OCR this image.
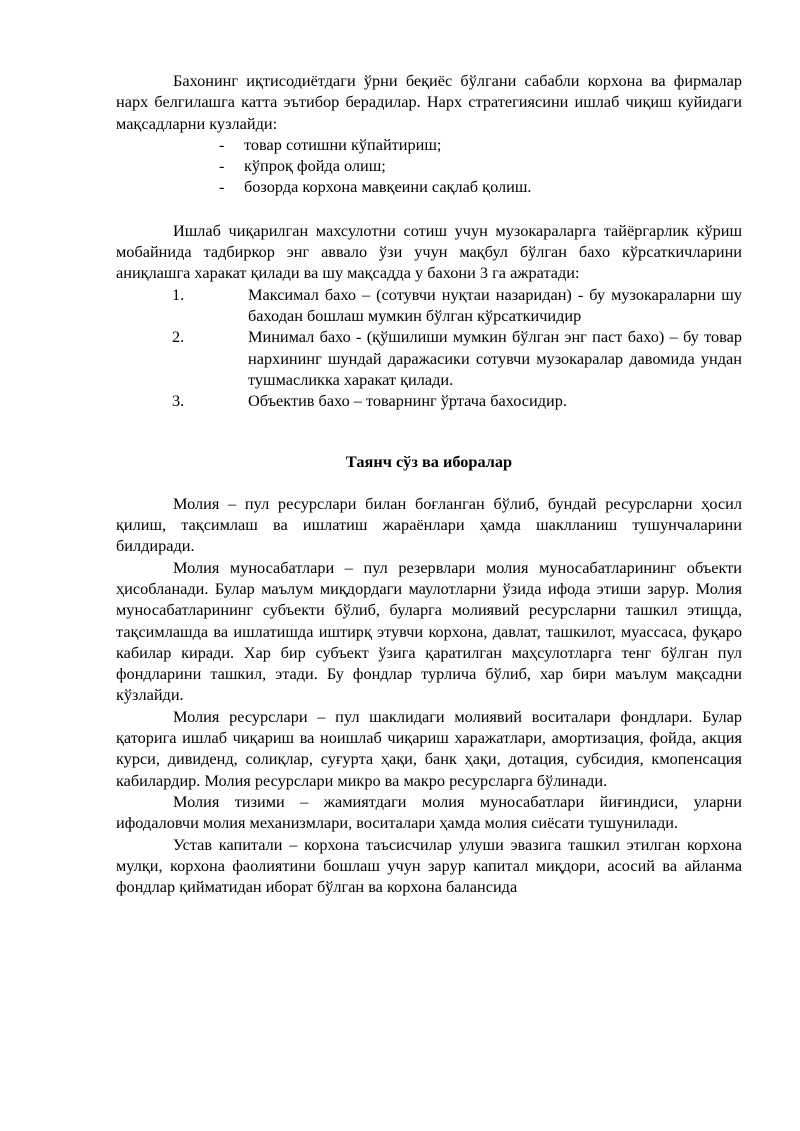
Бахонинг иқтисодиётдаги ўрни беқиёс бўлгани сабабли корхона ва фирмалар нарх белгилашга катта эътибор берадилар. Нарх стратегиясини ишлаб чиқиш куйидаги мақсадларни кузлайди:

- товар сотишни кўпайтириш;
- кўпроқ фойда олиш;
- бозорда корхона мавқеини сақлаб қолиш.

Ишлаб чиқарилган махсулотни сотиш учун музокараларга тайёргарлик кўриш мобайнида тадбиркор энг аввало ўзи учун мақбул бўлган бахо кўрсаткичларини аниқлашга харакат қилади ва шу мақсадда у бахони 3 га ажратади:

1.	Максимал бахо – (сотувчи нуқтаи назаридан) - бу музокараларни шу баходан бошлаш мумкин бўлган кўрсаткичидир
2.	Минимал бахо - (қўшилиши мумкин бўлган энг паст бахо) – бу товар нархининг шундай даражасики сотувчи музокаралар давомида ундан тушмасликка харакат қилади.
3.	Объектив бахо – товарнинг ўртача бахосидир.

Таянч сўз ва иборалар

Молия – пул ресурслари билан боғланган бўлиб, бундай ресурсларни ҳосил қилиш, тақсимлаш ва ишлатиш жараёнлари ҳамда шаклланиш тушунчаларини билдиради.

Молия муносабатлари – пул резервлари молия муносабатларининг объекти ҳисобланади. Булар маълум миқдордаги маулотларни ўзида ифода этиши зарур. Молия муносабатларининг субъекти бўлиб, буларга молиявий ресурсларни ташкил этищда, тақсимлашда ва ишлатишда иштирқ этувчи корхона, давлат, ташкилот, муассаса, фуқаро кабилар киради. Хар бир субъект ўзига қаратилган маҳсулотларга тенг бўлган пул фондларини ташкил, этади. Бу фондлар турлича бўлиб, хар бири маълум мақсадни кўзлайди.

Молия ресурслари – пул шаклидаги молиявий воситалари фондлари. Булар қаторига ишлаб чиқариш ва ноишлаб чиқариш харажатлари, амортизация, фойда, акция курси, дивиденд, солиқлар, суғурта ҳақи, банк ҳақи, дотация, субсидия, кмопенсация кабилардир. Молия ресурслари микро ва макро ресурсларга бўлинади.

Молия тизими – жамиятдаги молия муносабатлари йиғиндиси, уларни ифодаловчи молия механизмлари, воситалари ҳамда молия сиёсати тушунилади.

Устав капитали – корхона таъсисчилар улуши эвазига ташкил этилган корхона мулқи, корхона фаолиятини бошлаш учун зарур капитал миқдори, асосий ва айланма фондлар қийматидан иборат бўлган ва корхона балансида
